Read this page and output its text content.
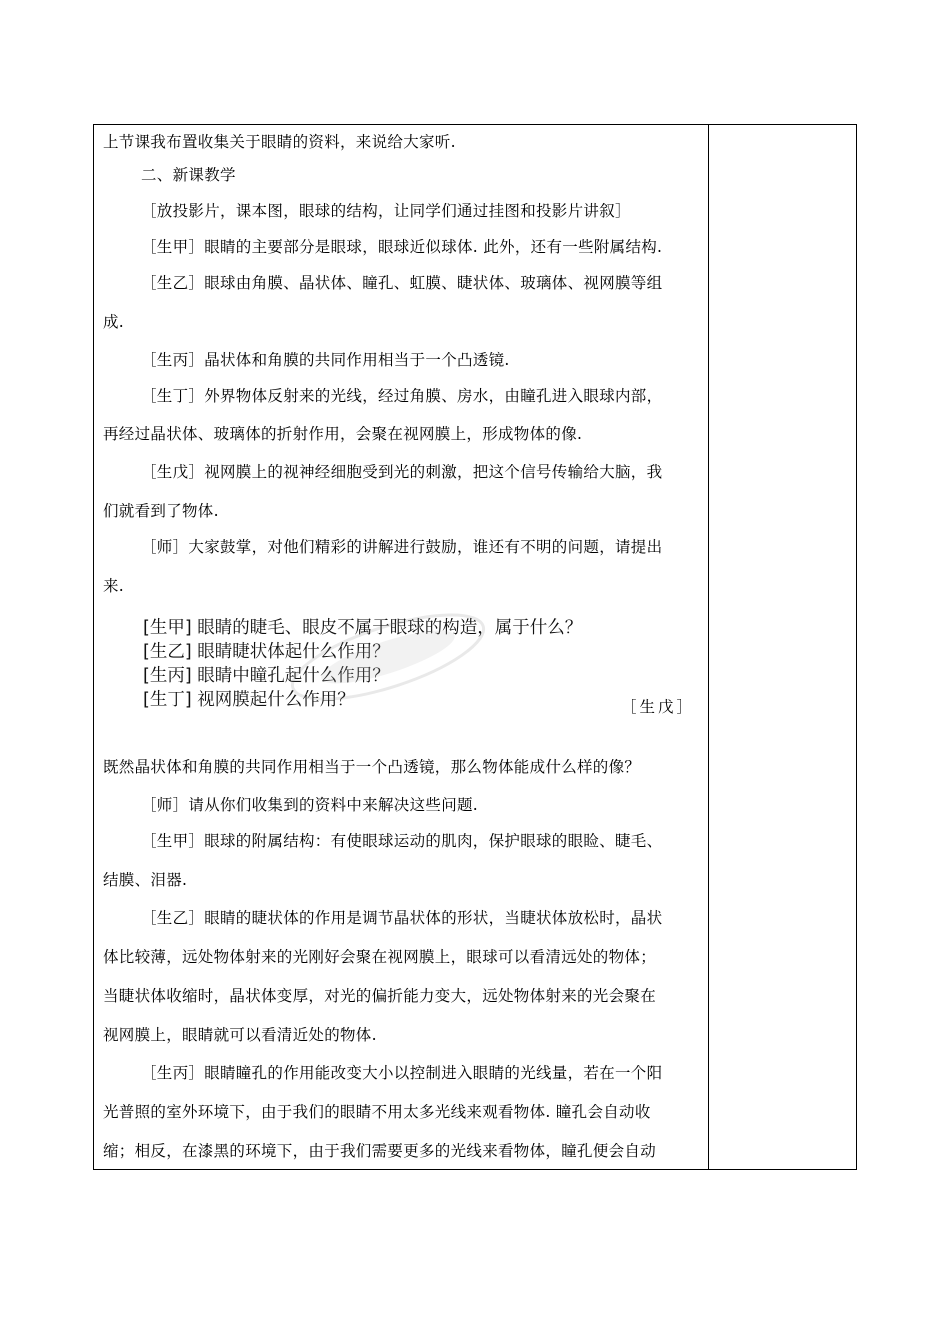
上节课我布置收集关于眼睛的资料，来说给大家听.
二、新课教学
［放投影片，课本图，眼球的结构，让同学们通过挂图和投影片讲叙］
［生甲］眼睛的主要部分是眼球，眼球近似球体. 此外，还有一些附属结构.
［生乙］眼球由角膜、晶状体、瞳孔、虹膜、睫状体、玻璃体、视网膜等组
成.
［生丙］晶状体和角膜的共同作用相当于一个凸透镜.
［生丁］外界物体反射来的光线，经过角膜、房水，由瞳孔进入眼球内部，
再经过晶状体、玻璃体的折射作用，会聚在视网膜上，形成物体的像.
［生戊］视网膜上的视神经细胞受到光的刺激，把这个信号传输给大脑，我
们就看到了物体.
［师］大家鼓掌，对他们精彩的讲解进行鼓励，谁还有不明的问题，请提出
来.
[生甲] 眼睛的睫毛、眼皮不属于眼球的构造，属于什么？
[生乙] 眼睛睫状体起什么作用？
[生丙] 眼睛中瞳孔起什么作用？
[生丁] 视网膜起什么作用？	［生戊］
既然晶状体和角膜的共同作用相当于一个凸透镜，那么物体能成什么样的像？
［师］请从你们收集到的资料中来解决这些问题.
［生甲］眼球的附属结构：有使眼球运动的肌肉，保护眼球的眼睑、睫毛、
结膜、泪器.
［生乙］眼睛的睫状体的作用是调节晶状体的形状，当睫状体放松时，晶状
体比较薄，远处物体射来的光刚好会聚在视网膜上，眼球可以看清远处的物体；
当睫状体收缩时，晶状体变厚，对光的偏折能力变大，远处物体射来的光会聚在
视网膜上，眼睛就可以看清近处的物体.
［生丙］眼睛瞳孔的作用能改变大小以控制进入眼睛的光线量，若在一个阳
光普照的室外环境下，由于我们的眼睛不用太多光线来观看物体. 瞳孔会自动收
缩；相反，在漆黑的环境下，由于我们需要更多的光线来看物体，瞳孔便会自动
